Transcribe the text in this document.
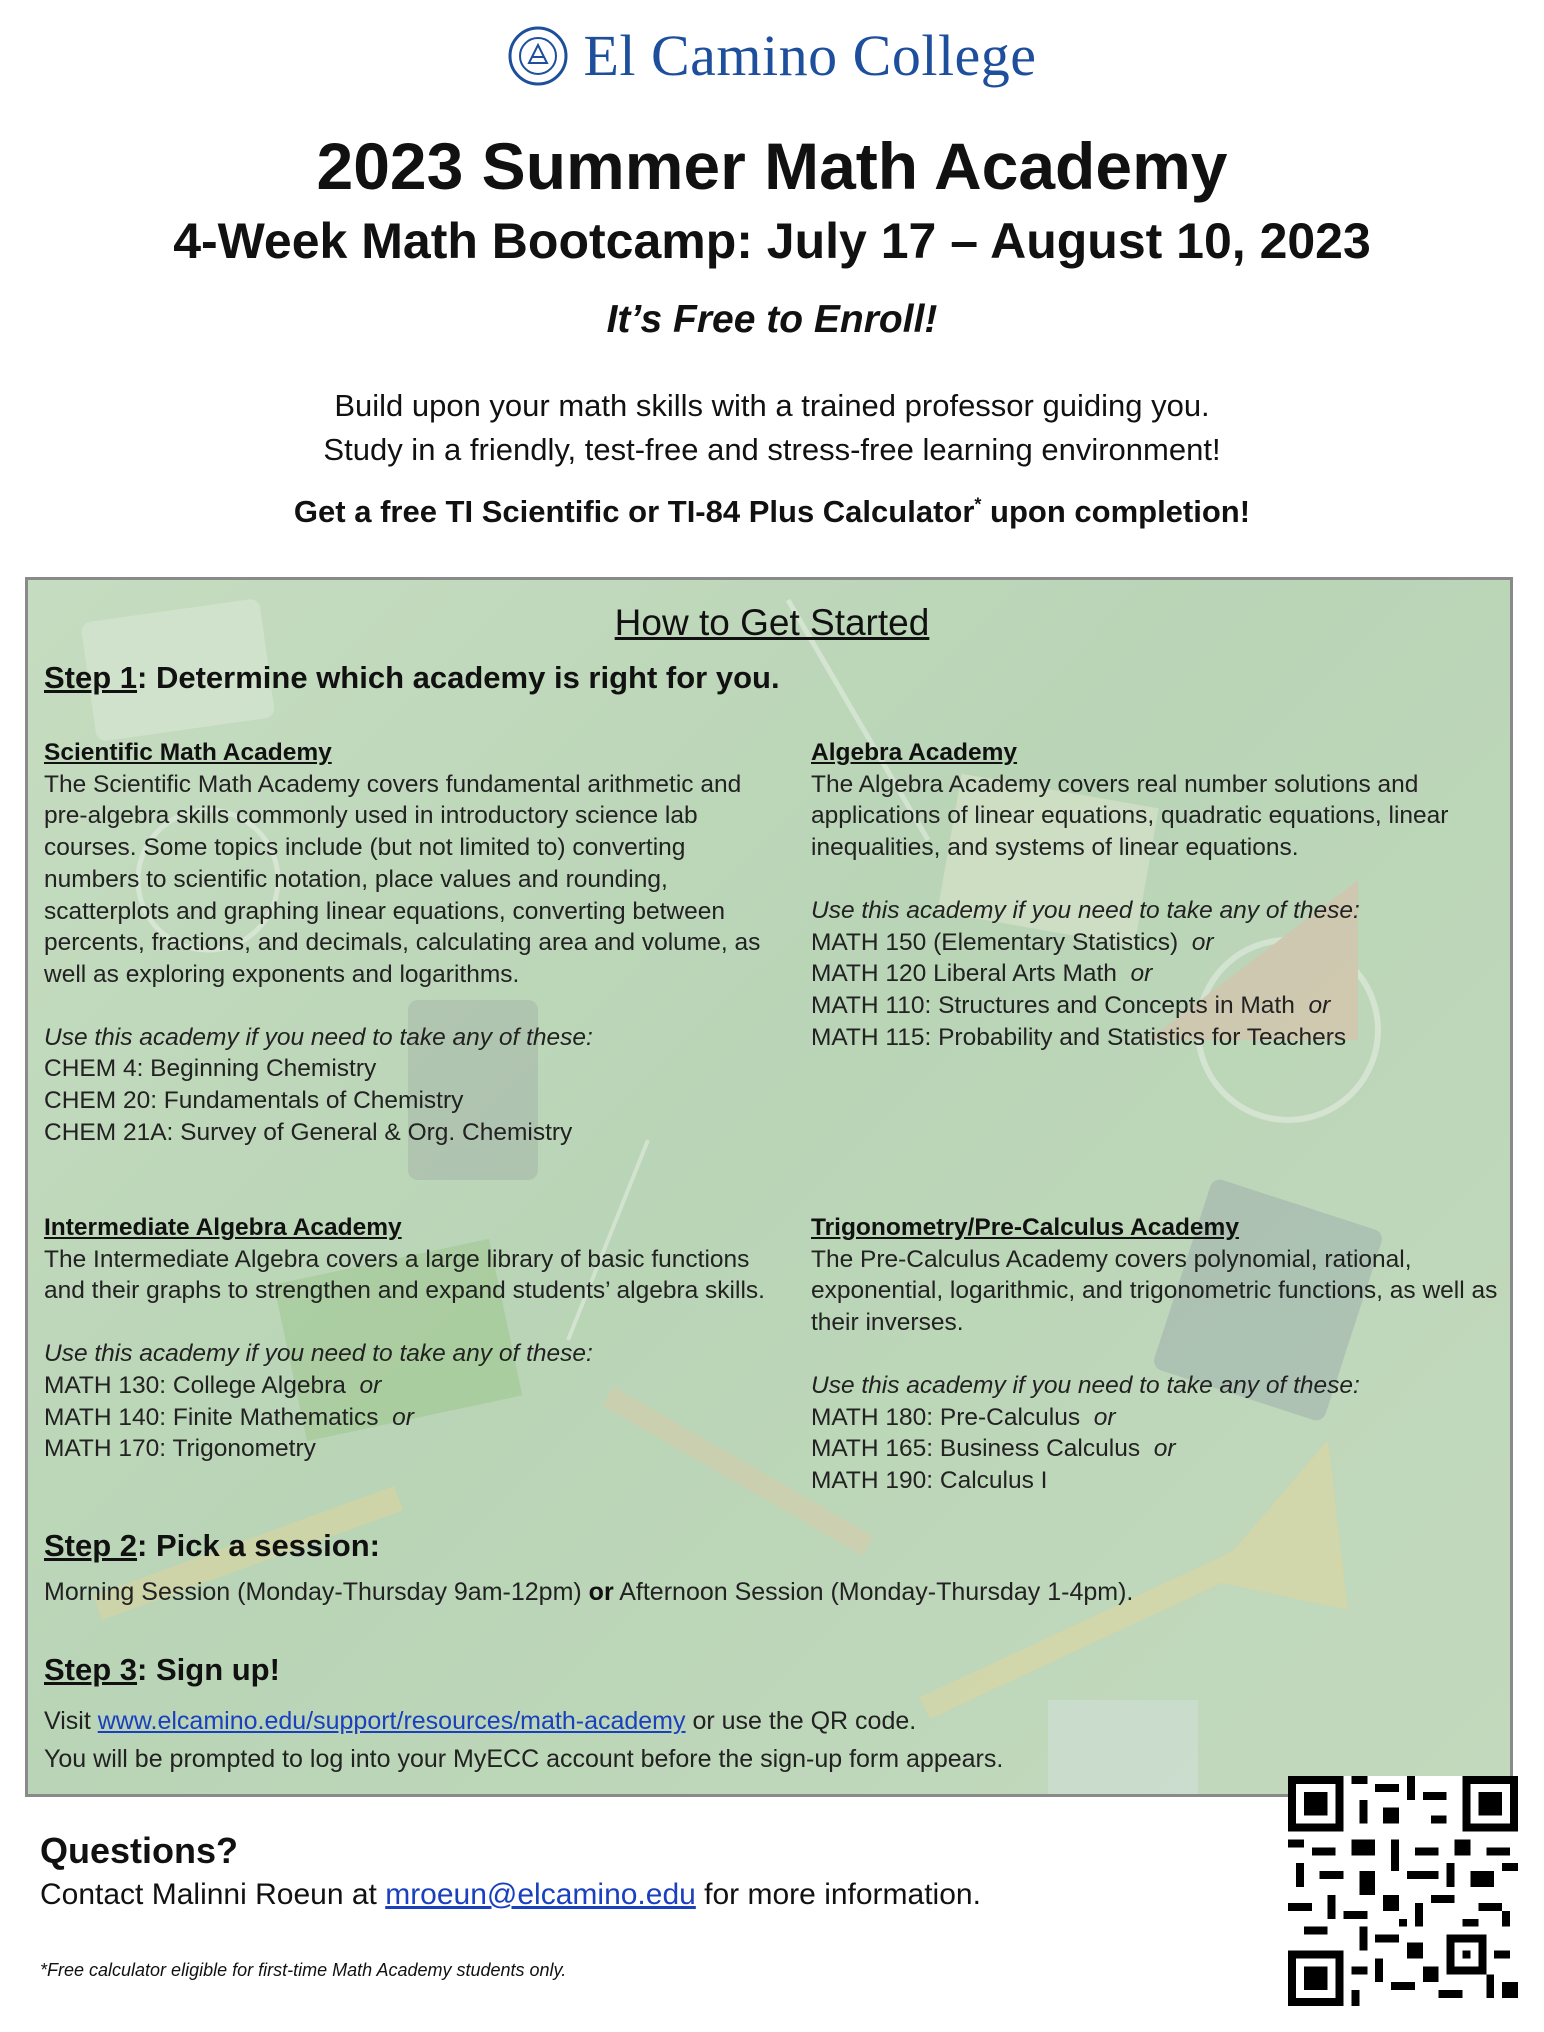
El Camino College
2023 Summer Math Academy
4-Week Math Bootcamp: July 17 – August 10, 2023
It’s Free to Enroll!
Build upon your math skills with a trained professor guiding you.
Study in a friendly, test-free and stress-free learning environment!
Get a free TI Scientific or TI-84 Plus Calculator* upon completion!
How to Get Started
Step 1: Determine which academy is right for you.
Scientific Math Academy

The Scientific Math Academy covers fundamental arithmetic and pre-algebra skills commonly used in introductory science lab courses. Some topics include (but not limited to) converting numbers to scientific notation, place values and rounding, scatterplots and graphing linear equations, converting between percents, fractions, and decimals, calculating area and volume, as well as exploring exponents and logarithms.

Use this academy if you need to take any of these:
CHEM 4: Beginning Chemistry
CHEM 20: Fundamentals of Chemistry
CHEM 21A: Survey of General & Org. Chemistry
Algebra Academy

The Algebra Academy covers real number solutions and applications of linear equations, quadratic equations, linear inequalities, and systems of linear equations.

Use this academy if you need to take any of these:
MATH 150 (Elementary Statistics) or
MATH 120 Liberal Arts Math or
MATH 110: Structures and Concepts in Math or
MATH 115: Probability and Statistics for Teachers
Intermediate Algebra Academy

The Intermediate Algebra covers a large library of basic functions and their graphs to strengthen and expand students’ algebra skills.

Use this academy if you need to take any of these:
MATH 130: College Algebra or
MATH 140: Finite Mathematics or
MATH 170: Trigonometry
Trigonometry/Pre-Calculus Academy

The Pre-Calculus Academy covers polynomial, rational, exponential, logarithmic, and trigonometric functions, as well as their inverses.

Use this academy if you need to take any of these:
MATH 180: Pre-Calculus or
MATH 165: Business Calculus or
MATH 190: Calculus I
Step 2: Pick a session:
Morning Session (Monday-Thursday 9am-12pm) or Afternoon Session (Monday-Thursday 1-4pm).
Step 3: Sign up!
Visit www.elcamino.edu/support/resources/math-academy or use the QR code.
You will be prompted to log into your MyECC account before the sign-up form appears.
Questions?
Contact Malinni Roeun at mroeun@elcamino.edu for more information.
*Free calculator eligible for first-time Math Academy students only.
